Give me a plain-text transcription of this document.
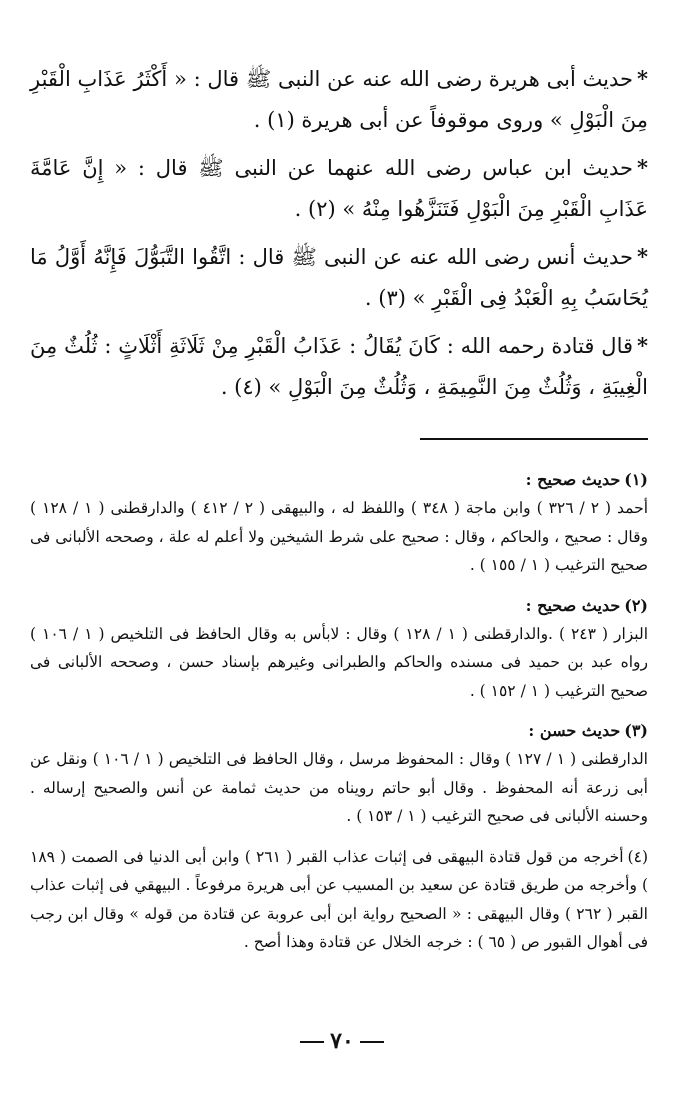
*حديث أبى هريرة رضى الله عنه عن النبى ﷺ قال : « أَكْثَرُ عَذَابِ الْقَبْرِ مِنَ الْبَوْلِ » وروى موقوفاً عن أبى هريرة (١) .

*حديث ابن عباس رضى الله عنهما عن النبى ﷺ قال : « إِنَّ عَامَّةَ عَذَابِ الْقَبْرِ مِنَ الْبَوْلِ فَتَنَزَّهُوا مِنْهُ » (٢) .

*حديث أنس رضى الله عنه عن النبى ﷺ قال : اتَّقُوا التَّبَوُّلَ فَإِنَّهُ أَوَّلُ مَا يُحَاسَبُ بِهِ الْعَبْدُ فِى الْقَبْرِ » (٣) .

*قال قتادة رحمه الله : كَانَ يُقَالُ : عَذَابُ الْقَبْرِ مِنْ ثَلَاثَةِ أَثْلَاثٍ : ثُلُثٌ مِنَ الْغِيبَةِ ، وَثُلُثٌ مِنَ النَّمِيمَةِ ، وَثُلُثٌ مِنَ الْبَوْلِ » (٤) .

(١)حديث صحيح :

أحمد ( ٢ / ٣٢٦ ) وابن ماجة ( ٣٤٨ ) واللفظ له ، والبيهقى ( ٢ / ٤١٢ ) والدارقطنى ( ١ / ١٢٨ ) وقال : صحيح ، والحاكم ، وقال : صحيح على شرط الشيخين ولا أعلم له علة ، وصححه الألبانى فى صحيح الترغيب ( ١ / ١٥٥ ) .

(٢)حديث صحيح :

البزار ( ٢٤٣ ) .والدارقطنى ( ١ / ١٢٨ ) وقال : لابأس به وقال الحافظ فى التلخيص ( ١ / ١٠٦ ) رواه عبد بن حميد فى مسنده والحاكم والطبرانى وغيرهم بإسناد حسن ، وصححه الألبانى فى صحيح الترغيب ( ١ / ١٥٢ ) .

(٣)حديث حسن :

الدارقطنى ( ١ / ١٢٧ ) وقال : المحفوظ مرسل ، وقال الحافظ فى التلخيص ( ١ / ١٠٦ ) ونقل عن أبى زرعة أنه المحفوظ . وقال أبو حاتم رويناه من حديث ثمامة عن أنس والصحيح إرساله . وحسنه الألبانى فى صحيح الترغيب ( ١ / ١٥٣ ) .

(٤)أخرجه من قول قتادة البيهقى فى إثبات عذاب القبر ( ٢٦١ ) وابن أبى الدنيا فى الصمت ( ١٨٩ ) وأخرجه من طريق قتادة عن سعيد بن المسيب عن أبى هريرة مرفوعاً . البيهقي فى إثبات عذاب القبر ( ٢٦٢ ) وقال البيهقى : « الصحيح رواية ابن أبى عروبة عن قتادة من قوله » وقال ابن رجب فى أهوال القبور ص ( ٦٥ ) : خرجه الخلال عن قتادة وهذا أصح .

٧٠
